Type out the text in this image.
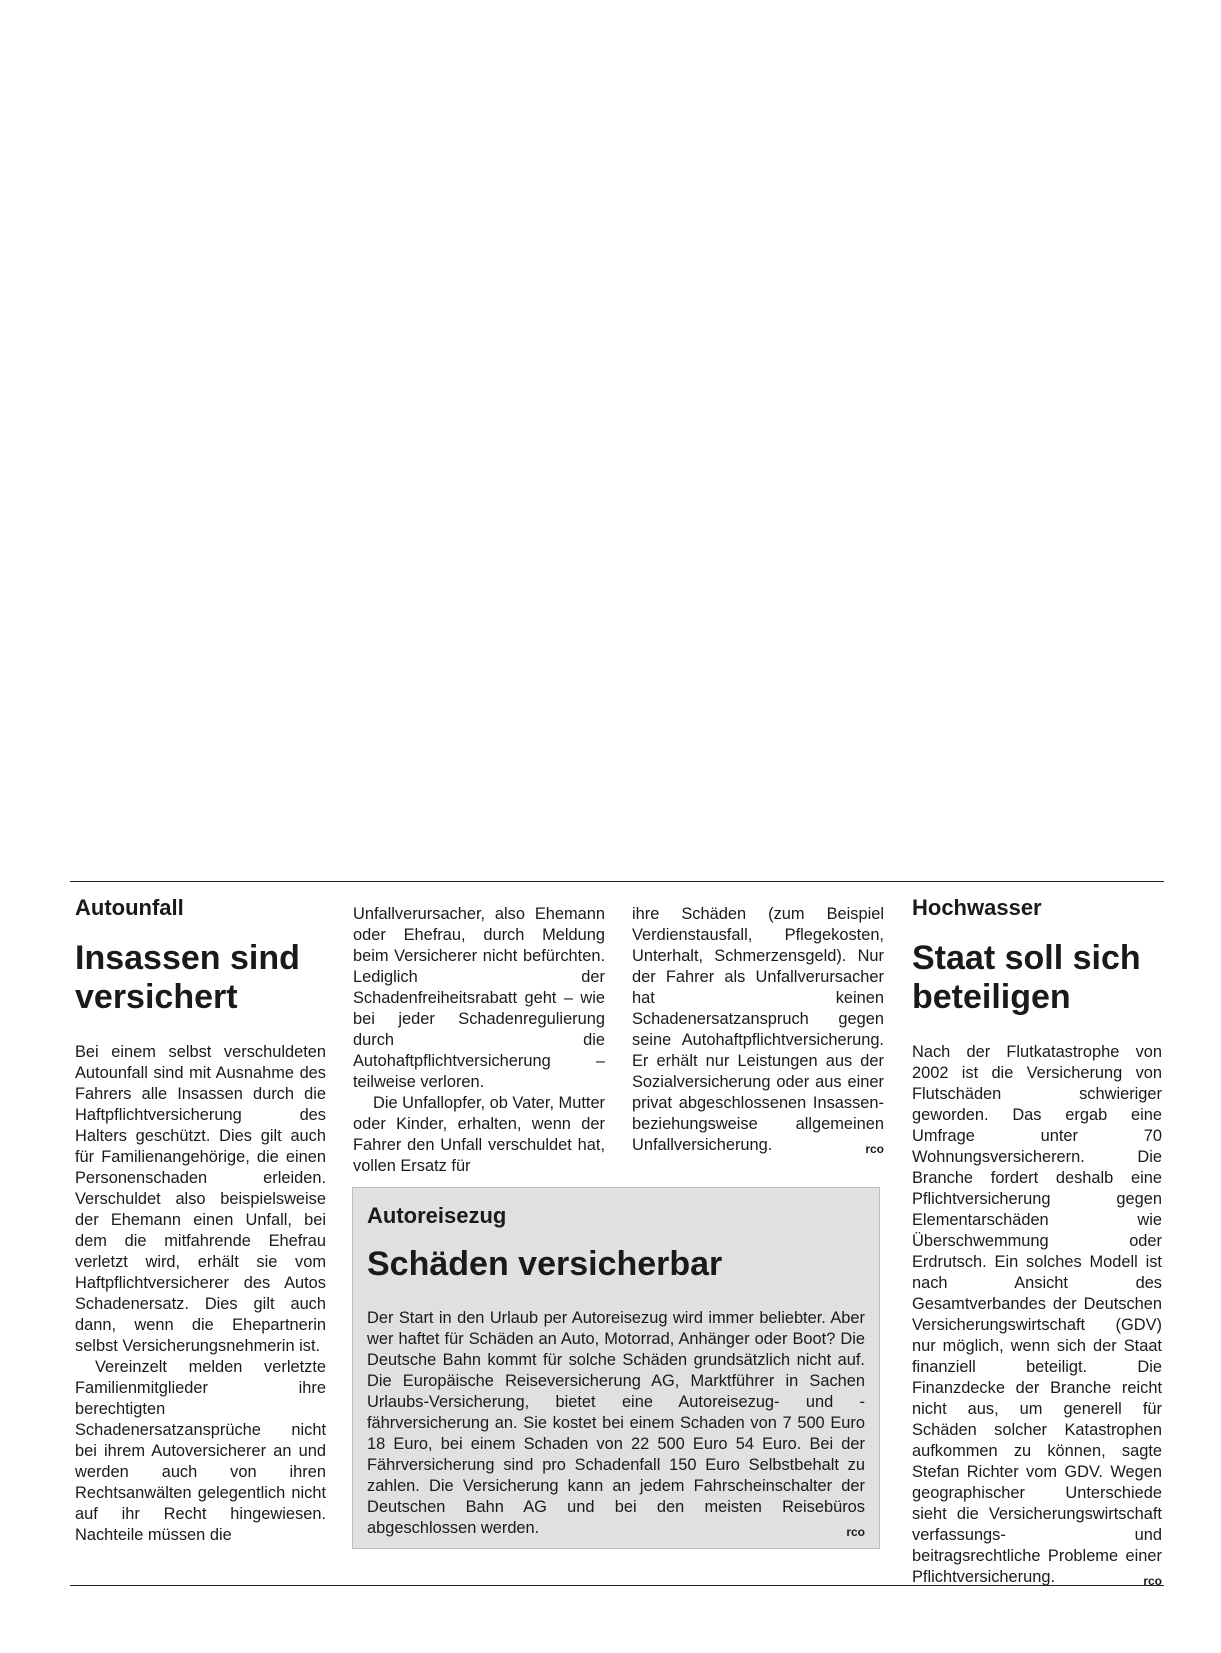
Autounfall
Insassen sind versichert

Bei einem selbst verschuldeten Autounfall sind mit Ausnahme des Fahrers alle Insassen durch die Haftpflichtversicherung des Halters geschützt. Dies gilt auch für Familienangehörige, die einen Personenschaden erleiden. Verschuldet also beispielsweise der Ehemann einen Unfall, bei dem die mitfahrende Ehefrau verletzt wird, erhält sie vom Haftpflichtversicherer des Autos Schadenersatz. Dies gilt auch dann, wenn die Ehepartnerin selbst Versicherungsnehmerin ist.

Vereinzelt melden verletzte Familienmitglieder ihre berechtigten Schadenersatzansprüche nicht bei ihrem Autoversicherer an und werden auch von ihren Rechtsanwälten gelegentlich nicht auf ihr Recht hingewiesen. Nachteile müssen die

Unfallverursacher, also Ehemann oder Ehefrau, durch Meldung beim Versicherer nicht befürchten. Lediglich der Schadenfreiheitsrabatt geht – wie bei jeder Schadenregulierung durch die Autohaftpflichtversicherung – teilweise verloren.

Die Unfallopfer, ob Vater, Mutter oder Kinder, erhalten, wenn der Fahrer den Unfall verschuldet hat, vollen Ersatz für

ihre Schäden (zum Beispiel Verdienstausfall, Pflegekosten, Unterhalt, Schmerzensgeld). Nur der Fahrer als Unfallverursacher hat keinen Schadenersatzanspruch gegen seine Autohaftpflichtversicherung. Er erhält nur Leistungen aus der Sozialversicherung oder aus einer privat abgeschlossenen Insassen- beziehungsweise allgemeinen Unfallversicherung.	rco

Autoreisezug
Schäden versicherbar

Der Start in den Urlaub per Autoreisezug wird immer beliebter. Aber wer haftet für Schäden an Auto, Motorrad, Anhänger oder Boot? Die Deutsche Bahn kommt für solche Schäden grundsätzlich nicht auf. Die Europäische Reiseversicherung AG, Marktführer in Sachen Urlaubs-Versicherung, bietet eine Autoreisezug- und -fährversicherung an. Sie kostet bei einem Schaden von 7 500 Euro 18 Euro, bei einem Schaden von 22 500 Euro 54 Euro. Bei der Fährversicherung sind pro Schadenfall 150 Euro Selbstbehalt zu zahlen. Die Versicherung kann an jedem Fahrscheinschalter der Deutschen Bahn AG und bei den meisten Reisebüros abgeschlossen werden.	rco

Hochwasser
Staat soll sich beteiligen

Nach der Flutkatastrophe von 2002 ist die Versicherung von Flutschäden schwieriger geworden. Das ergab eine Umfrage unter 70 Wohnungsversicherern. Die Branche fordert deshalb eine Pflichtversicherung gegen Elementarschäden wie Überschwemmung oder Erdrutsch. Ein solches Modell ist nach Ansicht des Gesamtverbandes der Deutschen Versicherungswirtschaft (GDV) nur möglich, wenn sich der Staat finanziell beteiligt. Die Finanzdecke der Branche reicht nicht aus, um generell für Schäden solcher Katastrophen aufkommen zu können, sagte Stefan Richter vom GDV. Wegen geographischer Unterschiede sieht die Versicherungswirtschaft verfassungs- und beitragsrechtliche Probleme einer Pflichtversicherung.	rco
